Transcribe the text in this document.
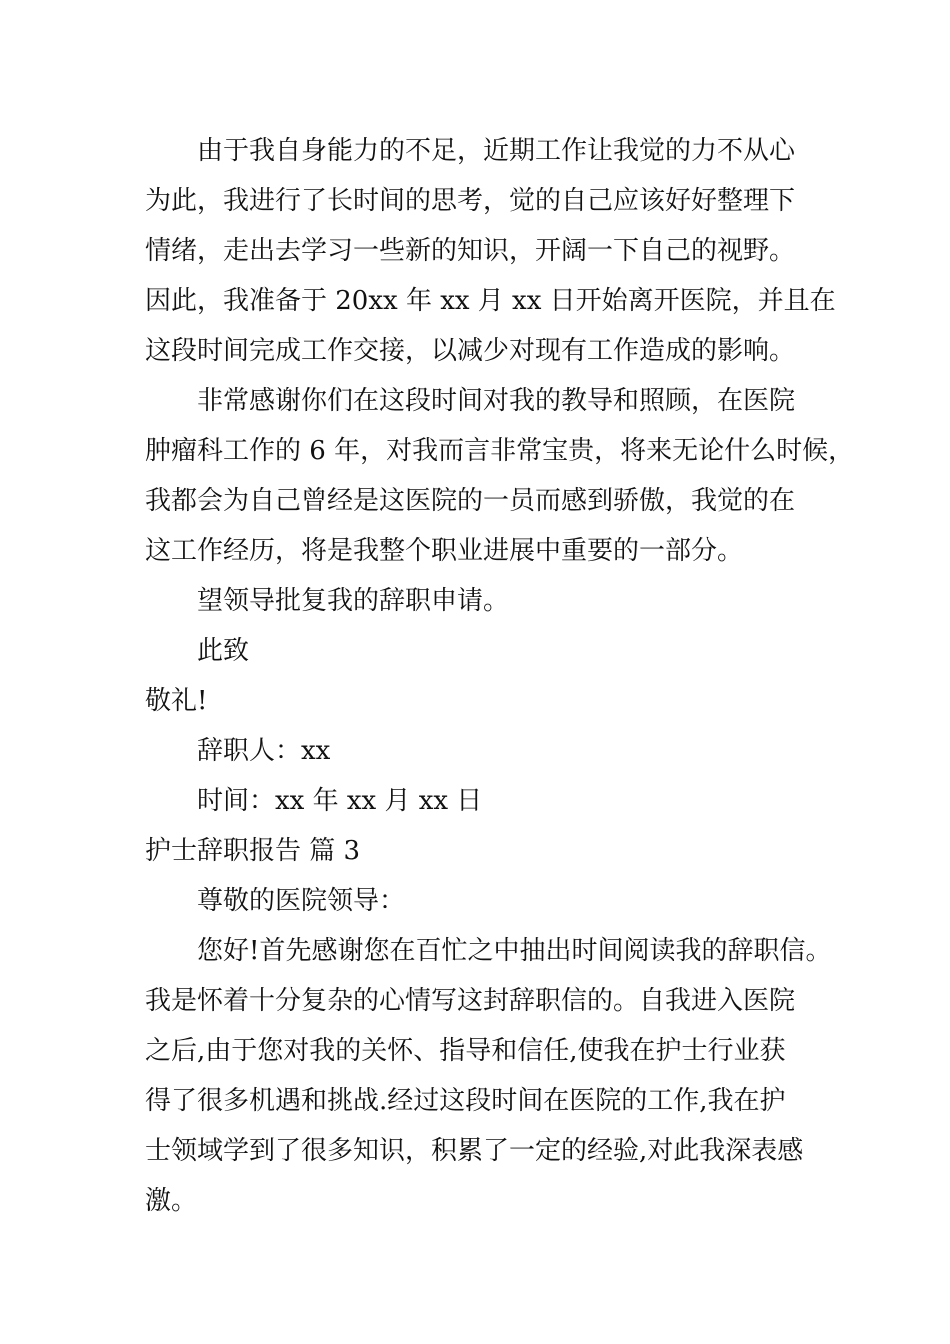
由于我自身能力的不足，近期工作让我觉的力不从心
为此，我进行了长时间的思考，觉的自己应该好好整理下
情绪，走出去学习一些新的知识，开阔一下自己的视野。
因此，我准备于 20xx 年 xx 月 xx 日开始离开医院，并且在
这段时间完成工作交接，以减少对现有工作造成的影响。
非常感谢你们在这段时间对我的教导和照顾，在医院
肿瘤科工作的 6 年，对我而言非常宝贵，将来无论什么时候，
我都会为自己曾经是这医院的一员而感到骄傲，我觉的在
这工作经历，将是我整个职业进展中重要的一部分。
望领导批复我的辞职申请。
此致
敬礼!
辞职人：xx
时间：xx 年 xx 月 xx 日
护士辞职报告 篇 3
尊敬的医院领导：
您好!首先感谢您在百忙之中抽出时间阅读我的辞职信。
我是怀着十分复杂的心情写这封辞职信的。自我进入医院
之后,由于您对我的关怀、指导和信任,使我在护士行业获
得了很多机遇和挑战.经过这段时间在医院的工作,我在护
士领域学到了很多知识，积累了一定的经验,对此我深表感
激。
